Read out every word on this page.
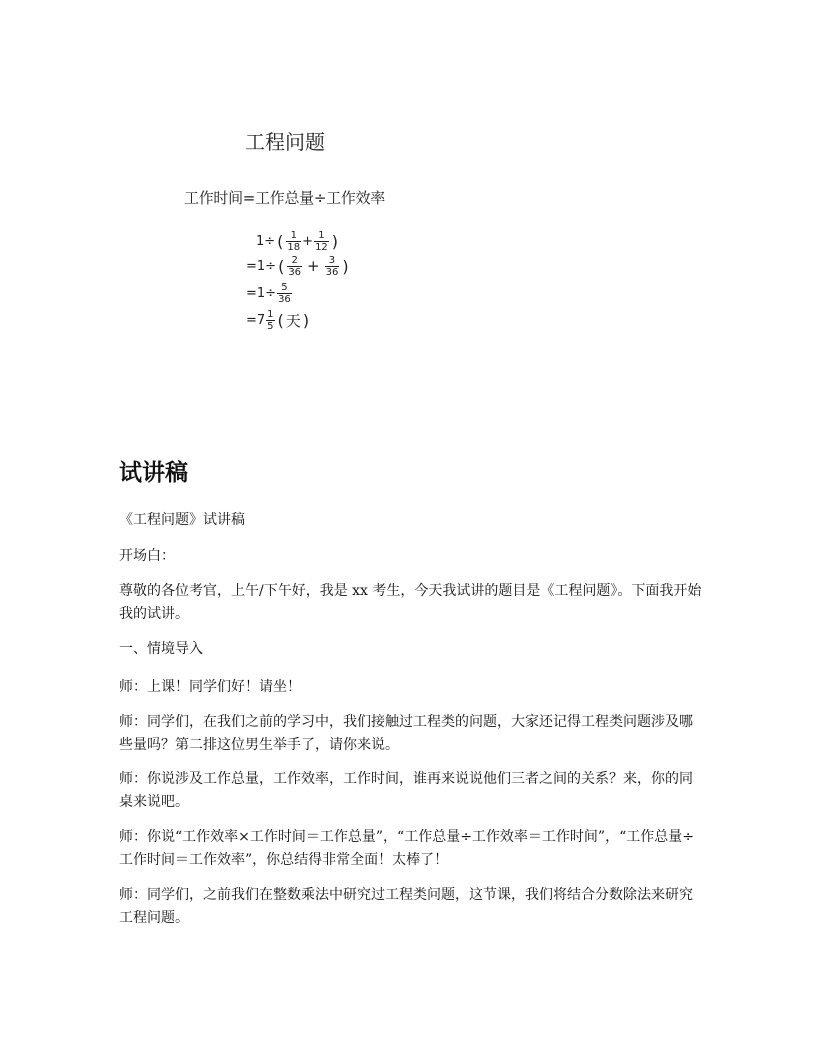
工程问题
工作时间=工作总量÷工作效率
1÷ ( $\frac{1}{18} + \frac{1}{12}$ )
=1÷ ( $\frac{2}{36} + \frac{3}{36}$ )
$=1\div \frac{5}{36}$
$=7 \frac{1}{5}$ ( 天 )
试讲稿
《工程问题》试讲稿
开场白：
尊敬的各位考官，上午/下午好，我是 xx 考生，今天我试讲的题目是《工程问题》。下面我开始我的试讲。
一、情境导入
师：上课！同学们好！请坐！
师：同学们，在我们之前的学习中，我们接触过工程类的问题，大家还记得工程类问题涉及哪些量吗？第二排这位男生举手了，请你来说。
师：你说涉及工作总量，工作效率，工作时间，谁再来说说他们三者之间的关系？来，你的同桌来说吧。
师：你说“工作效率×工作时间＝工作总量”，“工作总量÷工作效率＝工作时间”，“工作总量÷工作时间＝工作效率”，你总结得非常全面！太棒了！
师：同学们，之前我们在整数乘法中研究过工程类问题，这节课，我们将结合分数除法来研究工程问题。
